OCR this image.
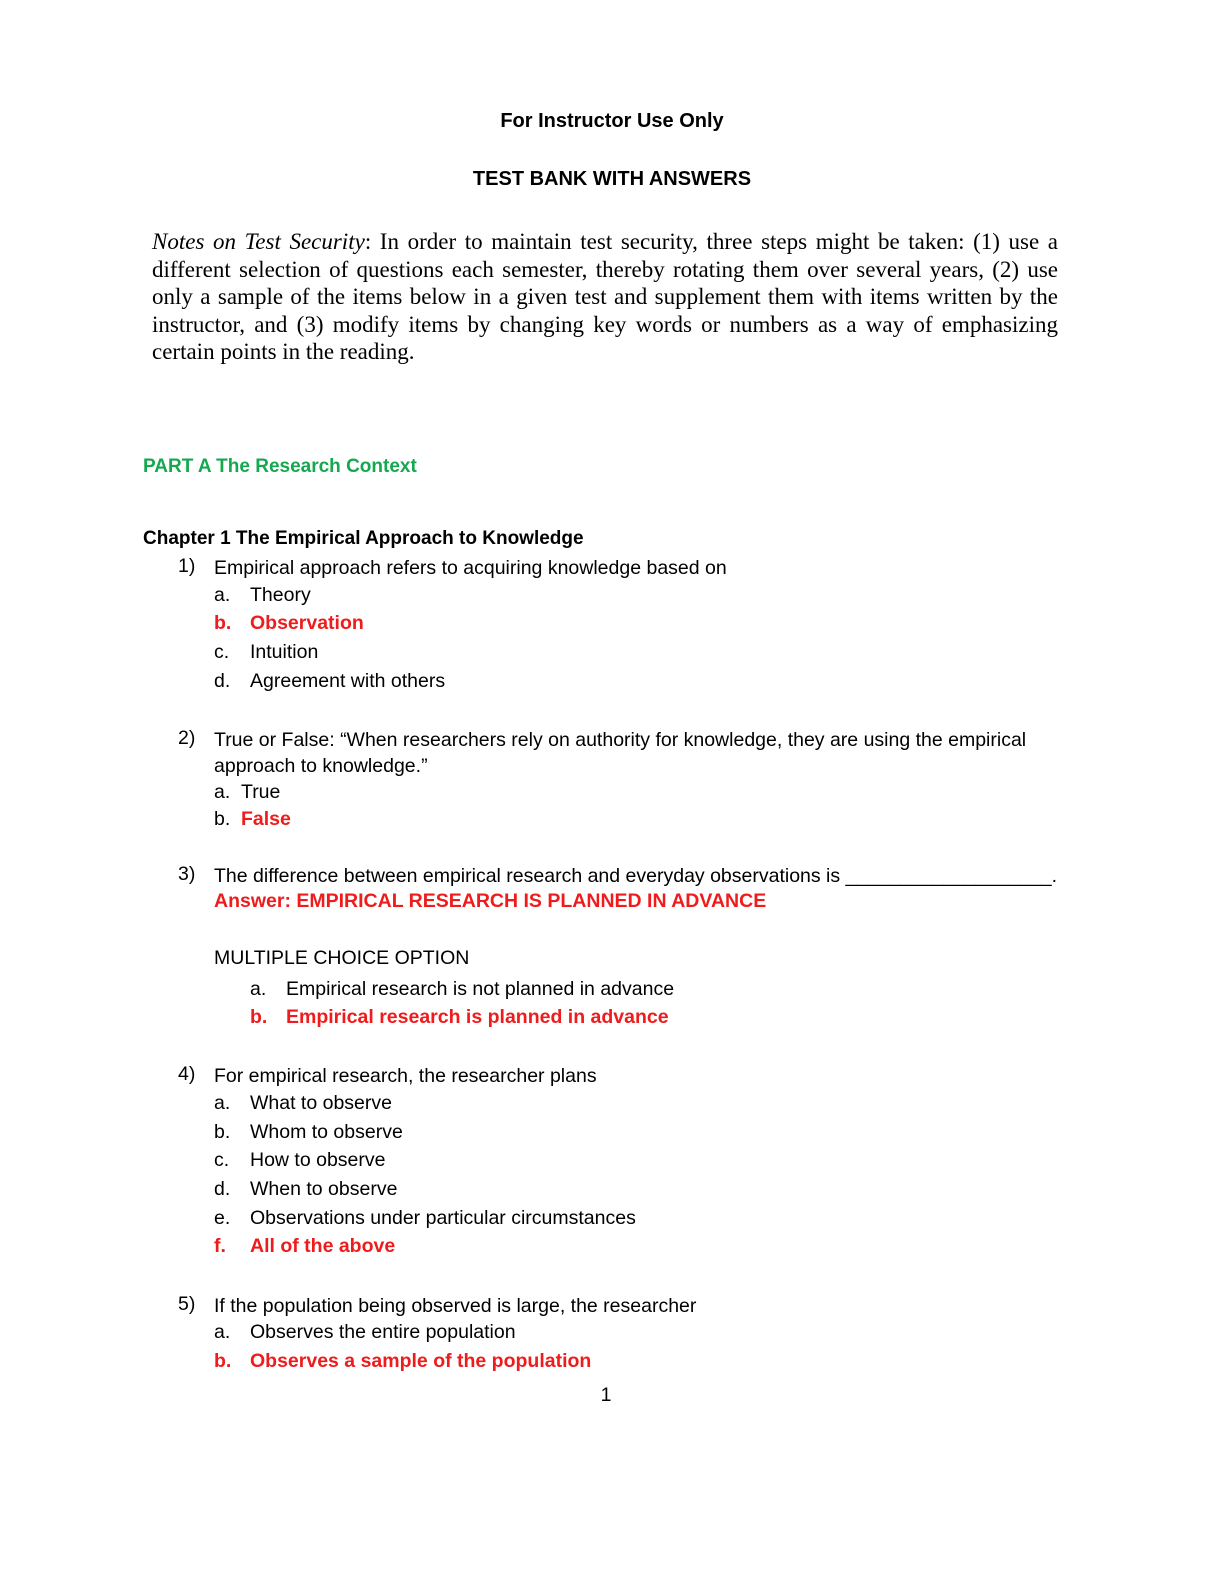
For Instructor Use Only
TEST BANK WITH ANSWERS
Notes on Test Security: In order to maintain test security, three steps might be taken: (1) use a different selection of questions each semester, thereby rotating them over several years, (2) use only a sample of the items below in a given test and supplement them with items written by the instructor, and (3) modify items by changing key words or numbers as a way of emphasizing certain points in the reading.
PART A The Research Context
Chapter 1 The Empirical Approach to Knowledge
1) Empirical approach refers to acquiring knowledge based on
a. Theory
b. Observation
c. Intuition
d. Agreement with others
2) True or False: “When researchers rely on authority for knowledge, they are using the empirical approach to knowledge.”
a. True
b. False
3) The difference between empirical research and everyday observations is ___________________.
Answer: EMPIRICAL RESEARCH IS PLANNED IN ADVANCE
MULTIPLE CHOICE OPTION
a. Empirical research is not planned in advance
b. Empirical research is planned in advance
4) For empirical research, the researcher plans
a. What to observe
b. Whom to observe
c. How to observe
d. When to observe
e. Observations under particular circumstances
f. All of the above
5) If the population being observed is large, the researcher
a. Observes the entire population
b. Observes a sample of the population
1
